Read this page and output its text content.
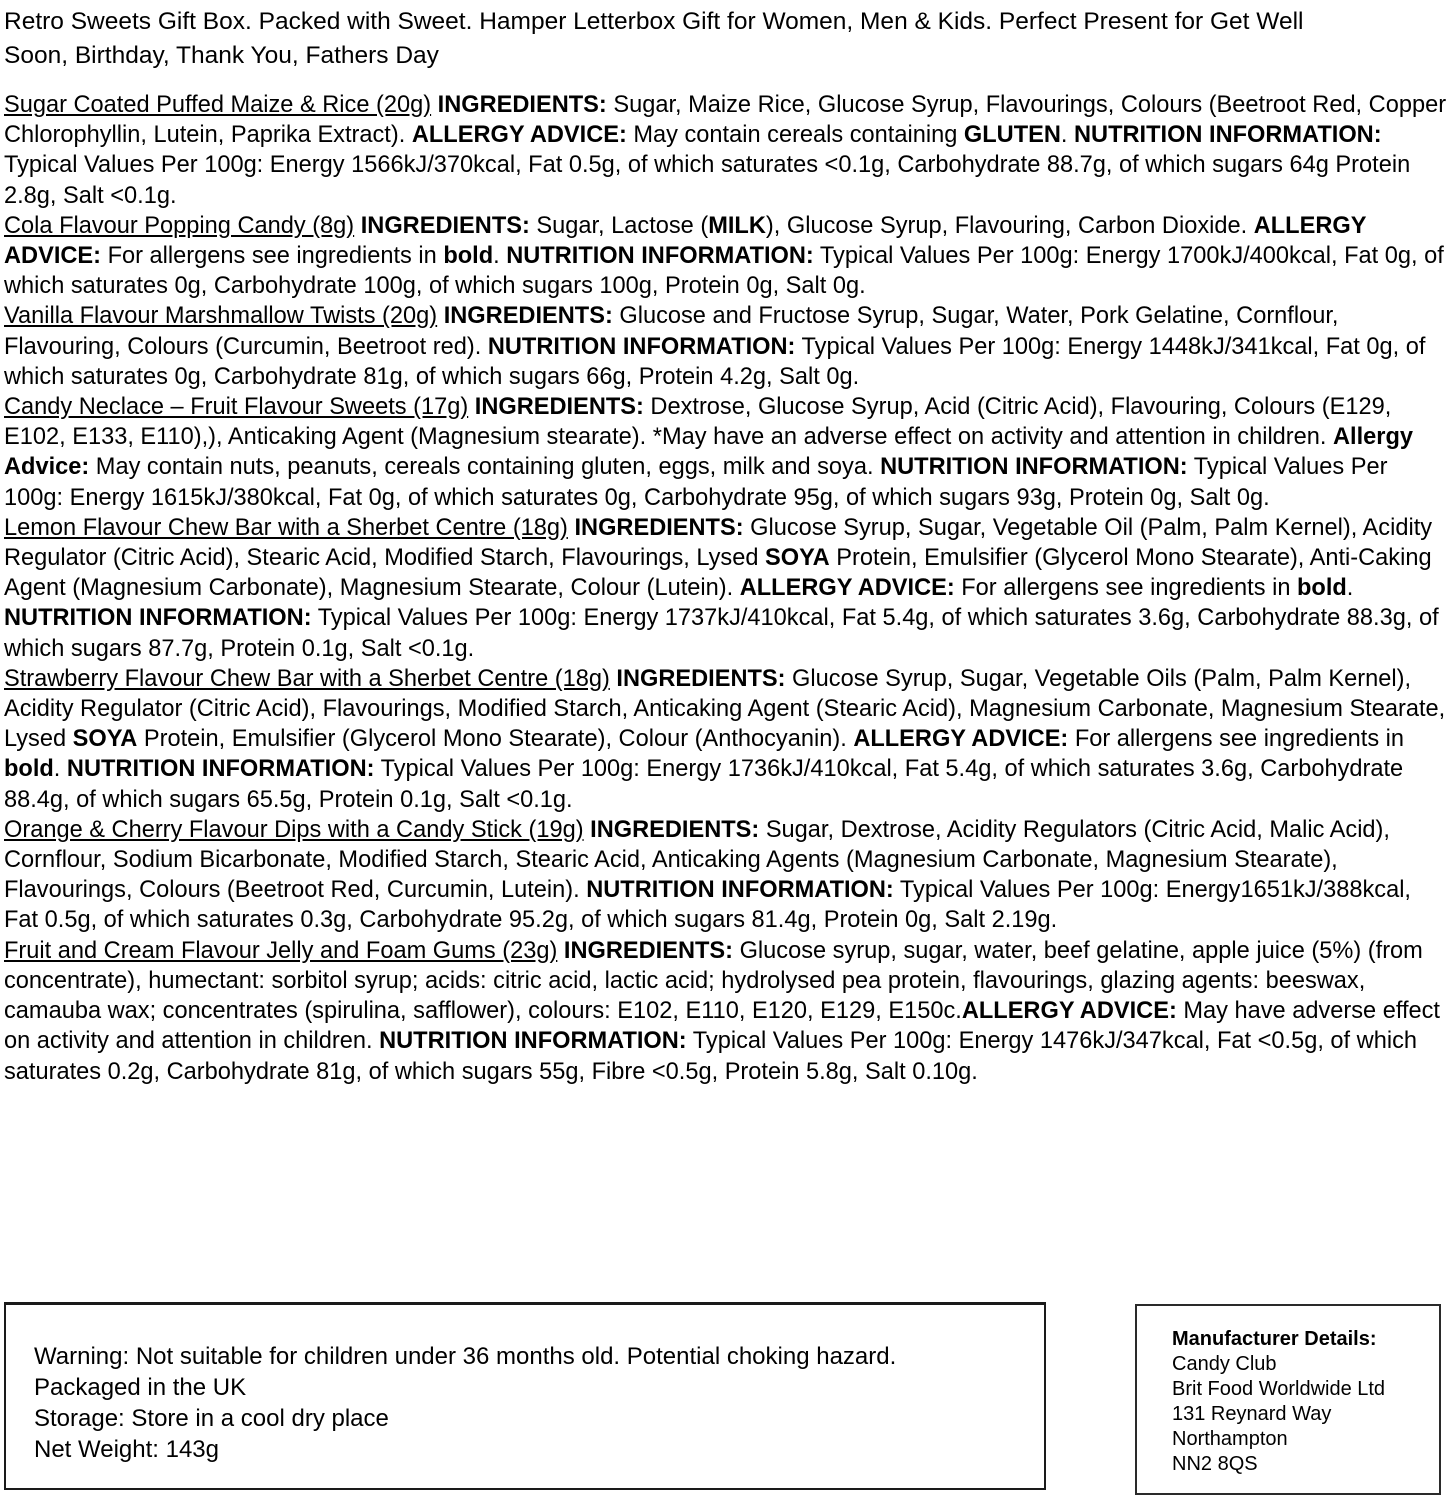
Retro Sweets Gift Box. Packed with Sweet. Hamper Letterbox Gift for Women, Men & Kids. Perfect Present for Get Well
Soon, Birthday, Thank You, Fathers Day

Sugar Coated Puffed Maize & Rice (20g) INGREDIENTS: Sugar, Maize Rice, Glucose Syrup, Flavourings, Colours (Beetroot Red, Copper Chlorophyllin, Lutein, Paprika Extract). ALLERGY ADVICE: May contain cereals containing GLUTEN. NUTRITION INFORMATION: Typical Values Per 100g: Energy 1566kJ/370kcal, Fat 0.5g, of which saturates <0.1g, Carbohydrate 88.7g, of which sugars 64g Protein 2.8g, Salt <0.1g.

Cola Flavour Popping Candy (8g) INGREDIENTS: Sugar, Lactose (MILK), Glucose Syrup, Flavouring, Carbon Dioxide. ALLERGY ADVICE: For allergens see ingredients in bold. NUTRITION INFORMATION: Typical Values Per 100g: Energy 1700kJ/400kcal, Fat 0g, of which saturates 0g, Carbohydrate 100g, of which sugars 100g, Protein 0g, Salt 0g.

Vanilla Flavour Marshmallow Twists (20g) INGREDIENTS: Glucose and Fructose Syrup, Sugar, Water, Pork Gelatine, Cornflour, Flavouring, Colours (Curcumin, Beetroot red). NUTRITION INFORMATION: Typical Values Per 100g: Energy 1448kJ/341kcal, Fat 0g, of which saturates 0g, Carbohydrate 81g, of which sugars 66g, Protein 4.2g, Salt 0g.

Candy Neclace – Fruit Flavour Sweets (17g) INGREDIENTS: Dextrose, Glucose Syrup, Acid (Citric Acid), Flavouring, Colours (E129, E102, E133, E110),), Anticaking Agent (Magnesium stearate). *May have an adverse effect on activity and attention in children. Allergy Advice: May contain nuts, peanuts, cereals containing gluten, eggs, milk and soya. NUTRITION INFORMATION: Typical Values Per 100g: Energy 1615kJ/380kcal, Fat 0g, of which saturates 0g, Carbohydrate 95g, of which sugars 93g, Protein 0g, Salt 0g.

Lemon Flavour Chew Bar with a Sherbet Centre (18g) INGREDIENTS: Glucose Syrup, Sugar, Vegetable Oil (Palm, Palm Kernel), Acidity Regulator (Citric Acid), Stearic Acid, Modified Starch, Flavourings, Lysed SOYA Protein, Emulsifier (Glycerol Mono Stearate), Anti-Caking Agent (Magnesium Carbonate), Magnesium Stearate, Colour (Lutein). ALLERGY ADVICE: For allergens see ingredients in bold. NUTRITION INFORMATION: Typical Values Per 100g: Energy 1737kJ/410kcal, Fat 5.4g, of which saturates 3.6g, Carbohydrate 88.3g, of which sugars 87.7g, Protein 0.1g, Salt <0.1g.

Strawberry Flavour Chew Bar with a Sherbet Centre (18g) INGREDIENTS: Glucose Syrup, Sugar, Vegetable Oils (Palm, Palm Kernel), Acidity Regulator (Citric Acid), Flavourings, Modified Starch, Anticaking Agent (Stearic Acid), Magnesium Carbonate, Magnesium Stearate, Lysed SOYA Protein, Emulsifier (Glycerol Mono Stearate), Colour (Anthocyanin). ALLERGY ADVICE: For allergens see ingredients in bold. NUTRITION INFORMATION: Typical Values Per 100g: Energy 1736kJ/410kcal, Fat 5.4g, of which saturates 3.6g, Carbohydrate 88.4g, of which sugars 65.5g, Protein 0.1g, Salt <0.1g.

Orange & Cherry Flavour Dips with a Candy Stick (19g) INGREDIENTS: Sugar, Dextrose, Acidity Regulators (Citric Acid, Malic Acid), Cornflour, Sodium Bicarbonate, Modified Starch, Stearic Acid, Anticaking Agents (Magnesium Carbonate, Magnesium Stearate), Flavourings, Colours (Beetroot Red, Curcumin, Lutein). NUTRITION INFORMATION: Typical Values Per 100g: Energy1651kJ/388kcal, Fat 0.5g, of which saturates 0.3g, Carbohydrate 95.2g, of which sugars 81.4g, Protein 0g, Salt 2.19g.

Fruit and Cream Flavour Jelly and Foam Gums (23g) INGREDIENTS: Glucose syrup, sugar, water, beef gelatine, apple juice (5%) (from concentrate), humectant: sorbitol syrup; acids: citric acid, lactic acid; hydrolysed pea protein, flavourings, glazing agents: beeswax, camauba wax; concentrates (spirulina, safflower), colours: E102, E110, E120, E129, E150c.ALLERGY ADVICE: May have adverse effect on activity and attention in children. NUTRITION INFORMATION: Typical Values Per 100g: Energy 1476kJ/347kcal, Fat <0.5g, of which saturates 0.2g, Carbohydrate 81g, of which sugars 55g, Fibre <0.5g, Protein 5.8g, Salt 0.10g.

Warning: Not suitable for children under 36 months old. Potential choking hazard.
Packaged in the UK
Storage: Store in a cool dry place
Net Weight: 143g
Manufacturer Details:
Candy Club
Brit Food Worldwide Ltd
131 Reynard Way
Northampton
NN2 8QS
